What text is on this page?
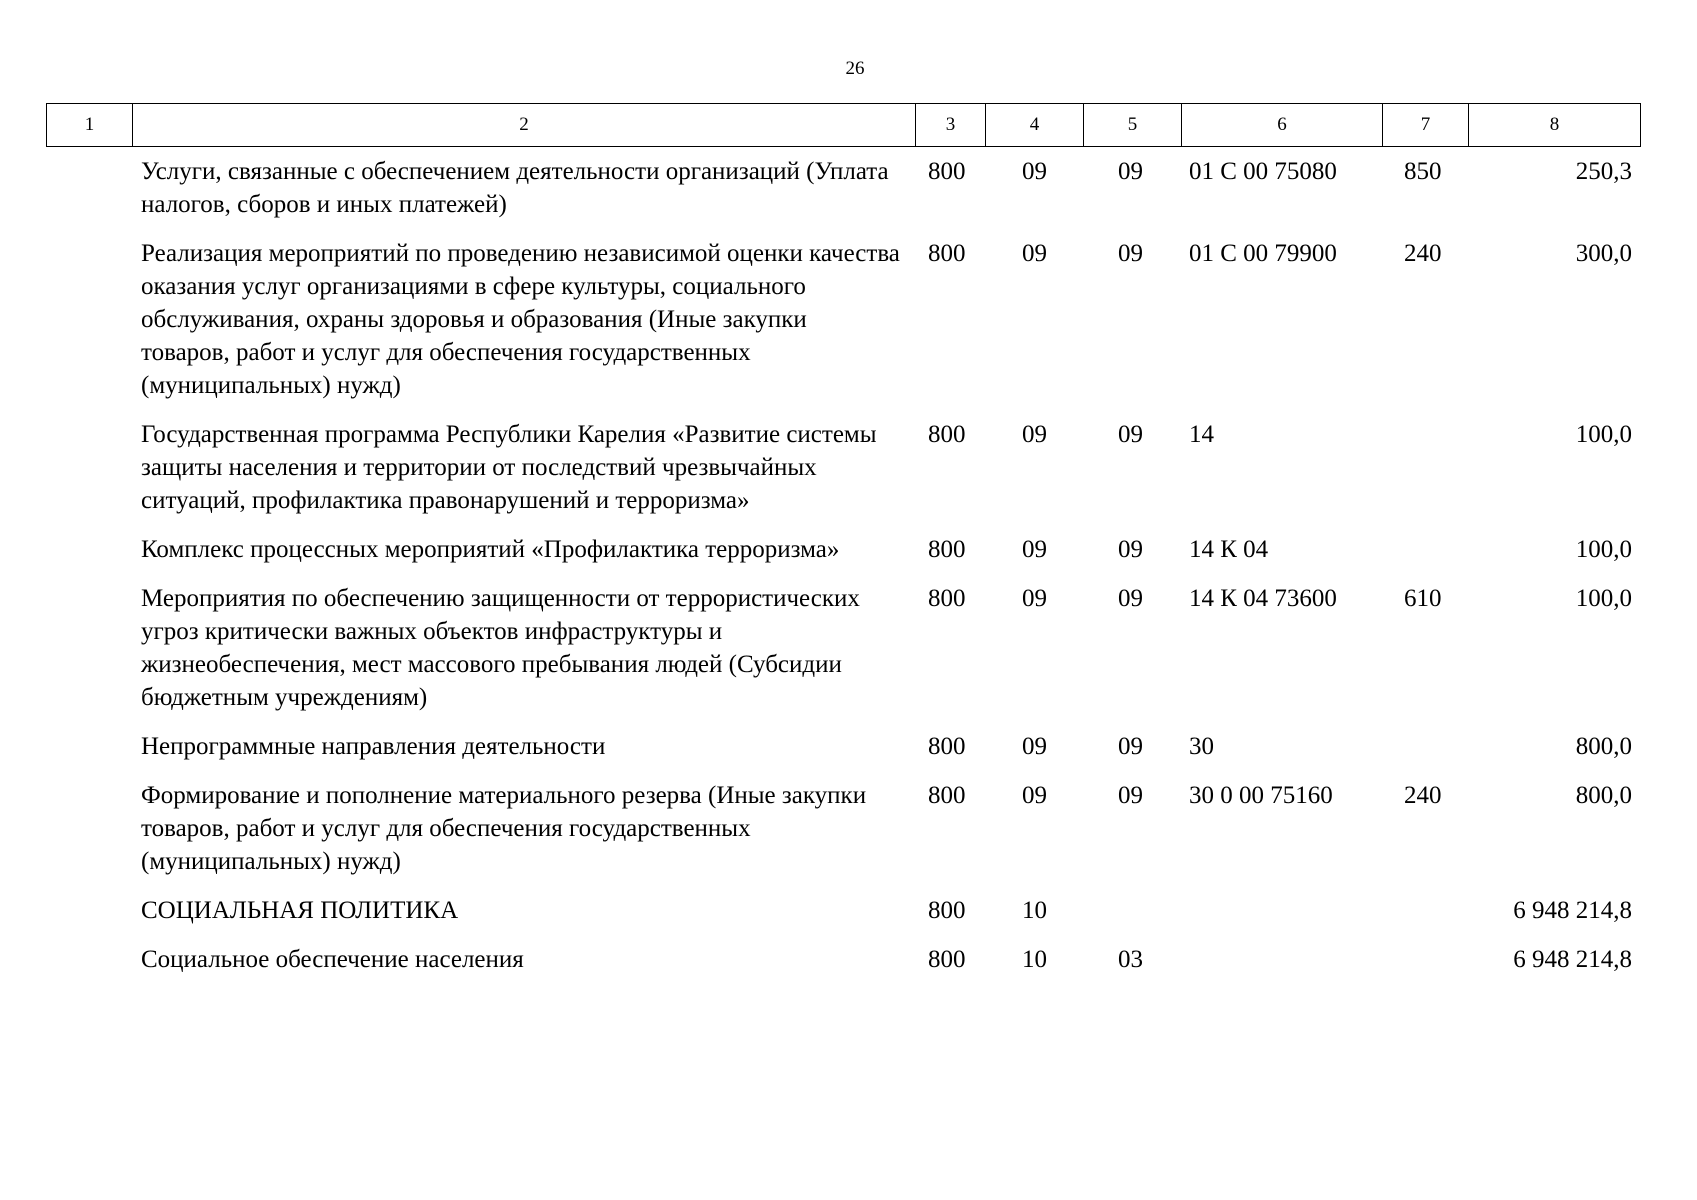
26
1	2	3	4	5	6	7	8
Услуги, связанные с обеспечением деятельности организаций (Уплата налогов, сборов и иных платежей)	800	09	09	01 С 00 75080	850	250,3
Реализация мероприятий по проведению независимой оценки качества оказания услуг организациями в сфере культуры, социального обслуживания, охраны здоровья и образования (Иные закупки товаров, работ и услуг для обеспечения государственных (муниципальных) нужд)	800	09	09	01 С 00 79900	240	300,0
Государственная программа Республики Карелия «Развитие системы защиты населения и территории от последствий чрезвычайных ситуаций, профилактика правонарушений и терроризма»	800	09	09	14		100,0
Комплекс процессных мероприятий «Профилактика терроризма»	800	09	09	14 К 04		100,0
Мероприятия по обеспечению защищенности от террористических угроз критически важных объектов инфраструктуры и жизнеобеспечения, мест массового пребывания людей (Субсидии бюджетным учреждениям)	800	09	09	14 К 04 73600	610	100,0
Непрограммные направления деятельности	800	09	09	30		800,0
Формирование и пополнение материального резерва (Иные закупки товаров, работ и услуг для обеспечения государственных (муниципальных) нужд)	800	09	09	30 0 00 75160	240	800,0
СОЦИАЛЬНАЯ ПОЛИТИКА	800	10				6 948 214,8
Социальное обеспечение населения	800	10	03			6 948 214,8
